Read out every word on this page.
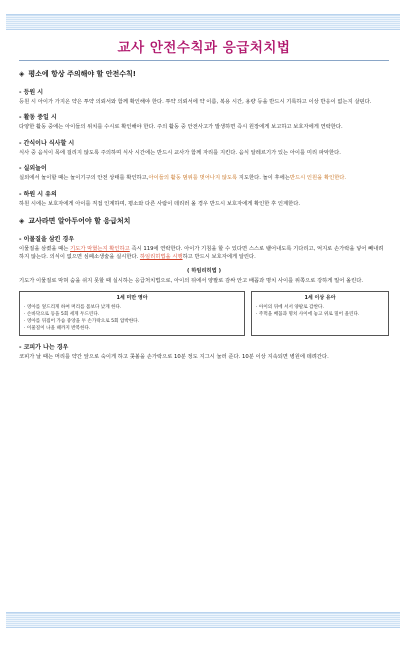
교사 안전수칙과 응급처치법
◈ 평소에 항상 주의해야 할 안전수칙!
- 등원 시
등원 시 아이가 가지온 약은 투약 의뢰서와 함께 확인해야 한다. 투약 의뢰서에 약 이름, 복용 시간, 용량 등을 반드시 기록하고 이상 반응이 없는지 살핀다.
- 활동 중일 시
다양한 활동 중에는 아이들의 위치를 수시로 확인해야 한다. 주의 활동 중 안전사고가 발생하면 즉시 원장에게 보고하고 보호자에게 연락한다.
- 간식이나 식사할 시
식사 중 음식이 목에 걸리지 않도록 주의하며 식사 시간에는 반드시 교사가 함께 자리를 지킨다. 음식 알레르기가 있는 아이를 미리 파악한다.
- 실외놀이
실외에서 놀이할 때는 놀이기구의 안전 상태를 확인하고,아이들의 활동 범위를 벗어나지 않도록 지도한다. 놀이 후에는반드시 인원을 확인한다.
- 하원 시 유의
하원 시에는 보호자에게 아이를 직접 인계하며, 평소와 다른 사람이 데리러 올 경우 반드시 보호자에게 확인한 후 인계한다.
◈ 교사라면 알아두어야 할 응급처치
- 이물질을 삼킨 경우
이물질을 삼켰을 때는 기도가 막혔는지 확인하고 즉시 119에 연락한다. 아이가 기침을 할 수 있다면 스스로 뱉어내도록 기다리고, 억지로 손가락을 넣어 빼내려 하지 않는다. 의식이 없으면 심폐소생술을 실시한다. 하임리히법을 시행하고 반드시 보호자에게 알린다.
( 하임리히법 )
기도가 이물질로 막혀 숨을 쉬지 못할 때 실시하는 응급처치법으로, 아이의 뒤에서 양팔로 감싸 안고 배꼽과 명치 사이를 위쪽으로 강하게 밀어 올린다.
1세 미만 영아
· 영아를 엎드리게 하여 머리를 몸보다 낮게 한다.
· 손바닥으로 등을 5회 세게 두드린다.
· 영아를 뒤집어 가슴 중앙을 두 손가락으로 5회 압박한다.
· 이물질이 나올 때까지 반복한다.
1세 이상 유아
· 아이의 뒤에 서서 양팔로 감싼다.
· 주먹을 배꼽과 명치 사이에 놓고 위로 밀어 올린다.
- 코피가 나는 경우
코피가 날 때는 머리를 약간 앞으로 숙이게 하고 콧볼을 손가락으로 10분 정도 지그시 눌러 준다. 10분 이상 지속되면 병원에 데려간다.
